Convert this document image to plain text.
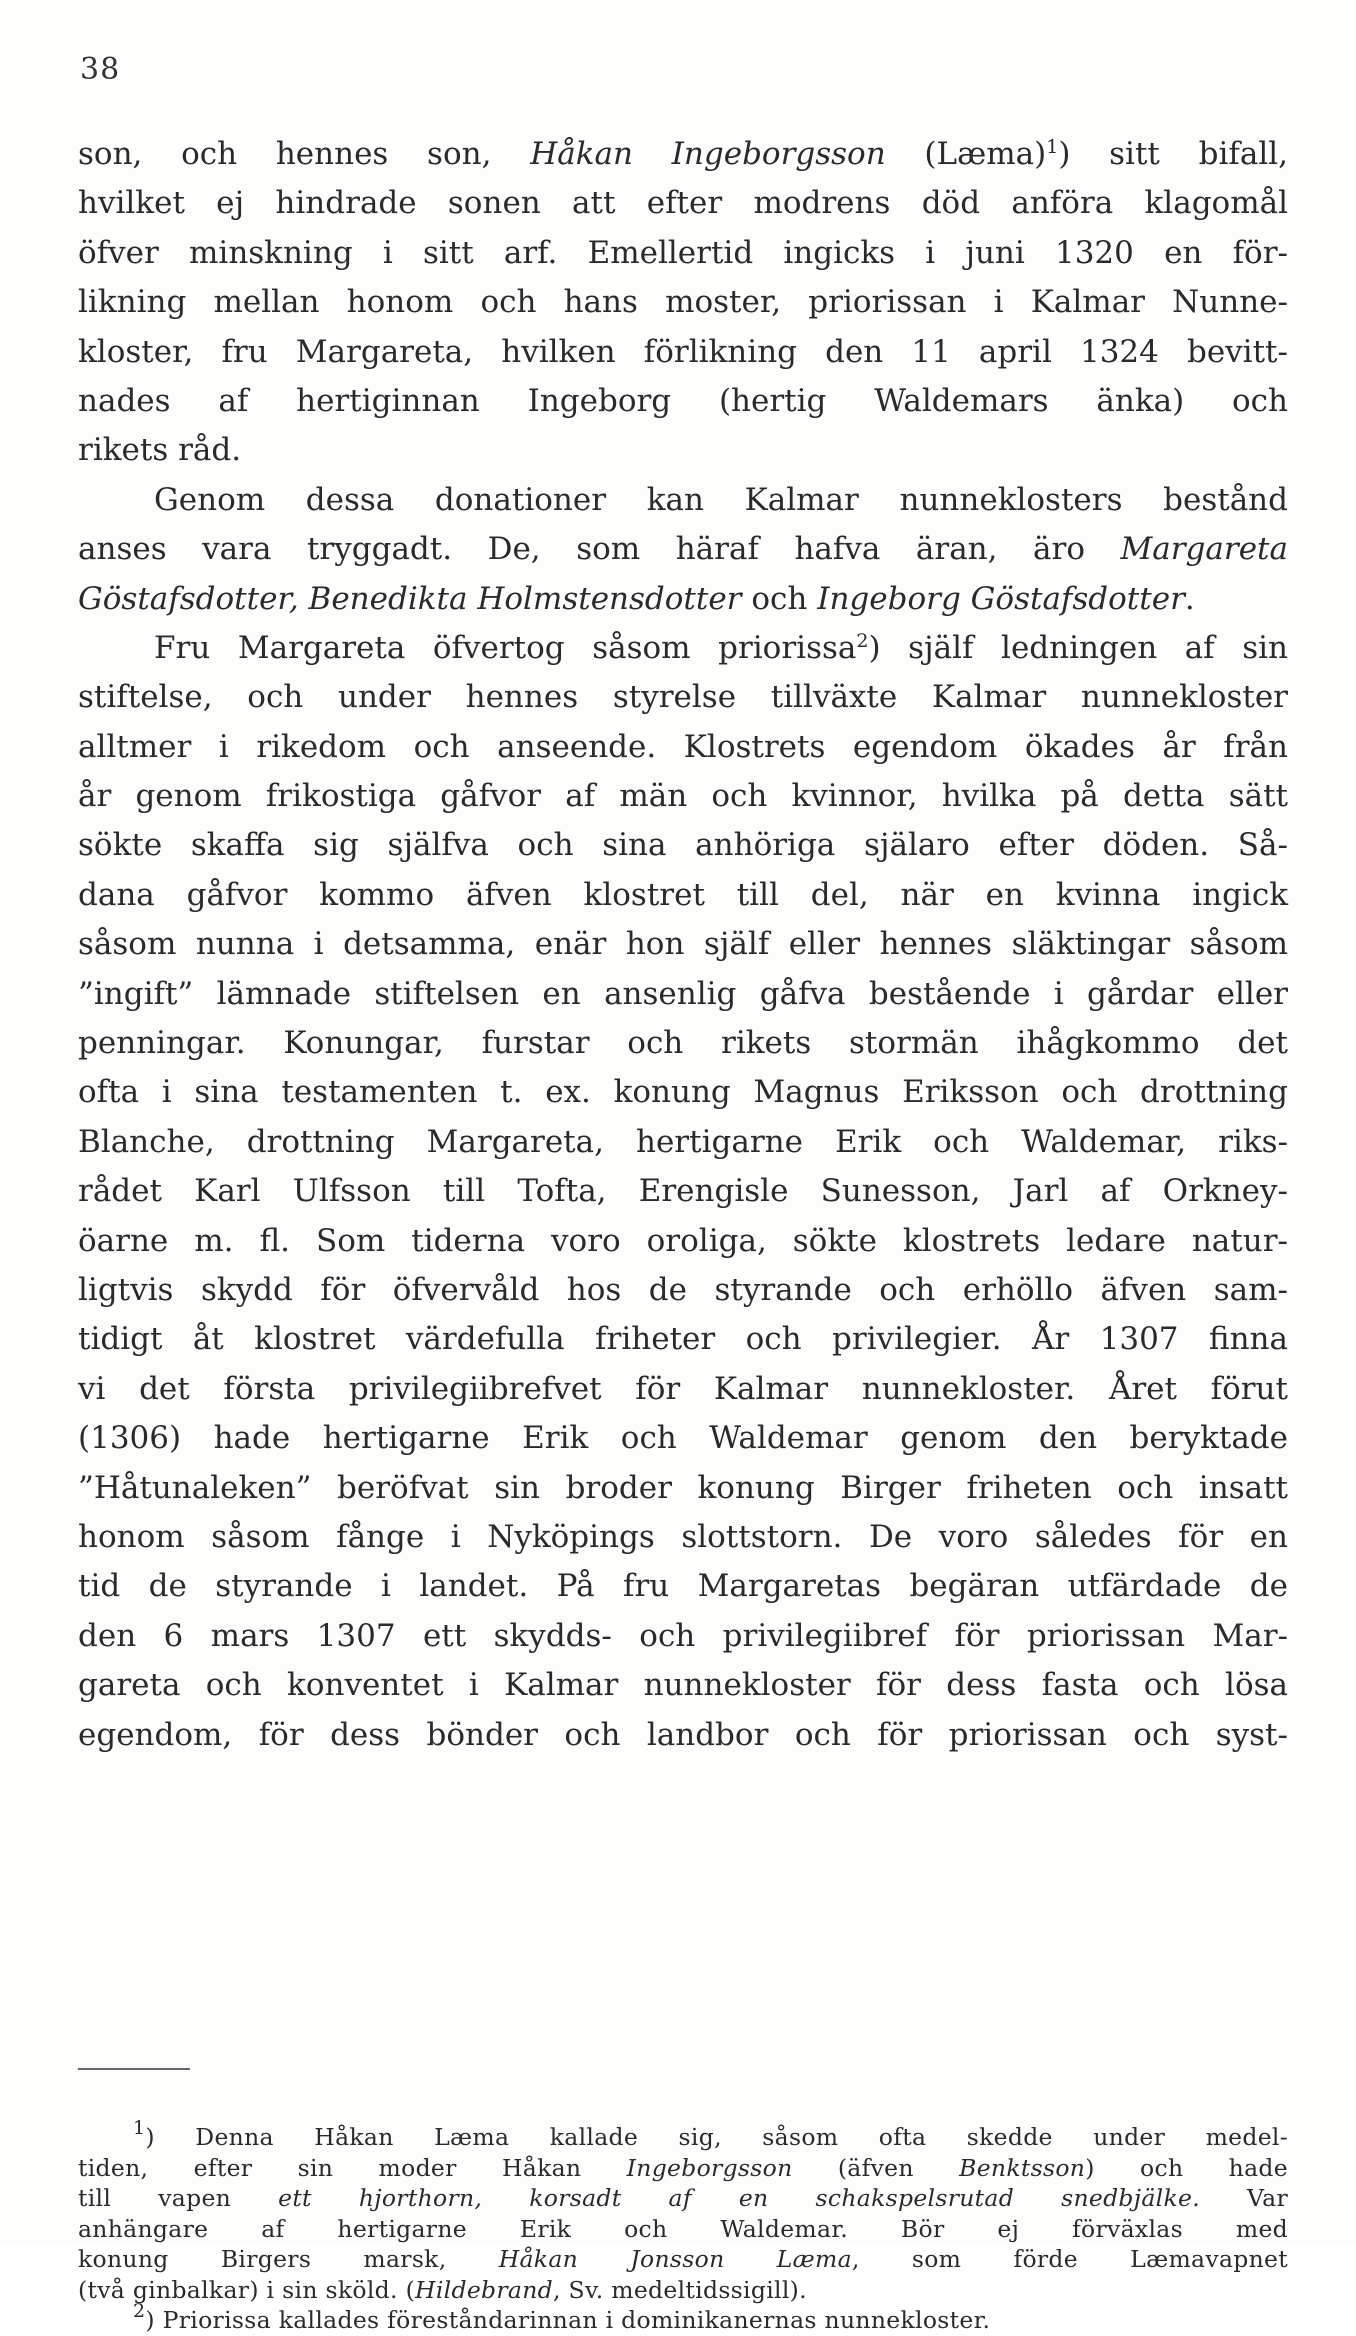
38
son, och hennes son, Håkan Ingeborgsson (Læma)$^1$) sitt bifall,
hvilket ej hindrade sonen att efter modrens död anföra klagomål
öfver minskning i sitt arf. Emellertid ingicks i juni 1320 en för-
likning mellan honom och hans moster, priorissan i Kalmar Nunne-
kloster, fru Margareta, hvilken förlikning den 11 april 1324 bevitt-
nades af hertiginnan Ingeborg (hertig Waldemars änka) och
rikets råd.
Genom dessa donationer kan Kalmar nunneklosters bestånd
anses vara tryggadt. De, som häraf hafva äran, äro Margareta
Göstafsdotter, Benedikta Holmstensdotter och Ingeborg Göstafsdotter.
Fru Margareta öfvertog såsom priorissa$^2$) själf ledningen af sin
stiftelse, och under hennes styrelse tillväxte Kalmar nunnekloster
alltmer i rikedom och anseende. Klostrets egendom ökades år från
år genom frikostiga gåfvor af män och kvinnor, hvilka på detta sätt
sökte skaffa sig själfva och sina anhöriga själaro efter döden. Så-
dana gåfvor kommo äfven klostret till del, när en kvinna ingick
såsom nunna i detsamma, enär hon själf eller hennes släktingar såsom
”ingift” lämnade stiftelsen en ansenlig gåfva bestående i gårdar eller
penningar. Konungar, furstar och rikets stormän ihågkommo det
ofta i sina testamenten t. ex. konung Magnus Eriksson och drottning
Blanche, drottning Margareta, hertigarne Erik och Waldemar, riks-
rådet Karl Ulfsson till Tofta, Erengisle Sunesson, Jarl af Orkney-
öarne m. fl. Som tiderna voro oroliga, sökte klostrets ledare natur-
ligtvis skydd för öfvervåld hos de styrande och erhöllo äfven sam-
tidigt åt klostret värdefulla friheter och privilegier. År 1307 finna
vi det första privilegiibrefvet för Kalmar nunnekloster. Året förut
(1306) hade hertigarne Erik och Waldemar genom den beryktade
”Håtunaleken” beröfvat sin broder konung Birger friheten och insatt
honom såsom fånge i Nyköpings slottstorn. De voro således för en
tid de styrande i landet. På fru Margaretas begäran utfärdade de
den 6 mars 1307 ett skydds- och privilegiibref för priorissan Mar-
gareta och konventet i Kalmar nunnekloster för dess fasta och lösa
egendom, för dess bönder och landbor och för priorissan och syst-
$^1$) Denna Håkan Læma kallade sig, såsom ofta skedde under medel-
tiden, efter sin moder Håkan Ingeborgsson (äfven Benktsson) och hade
till vapen ett hjorthorn, korsadt af en schakspelsrutad snedbjälke. Var
anhängare af hertigarne Erik och Waldemar. Bör ej förväxlas med
konung Birgers marsk, Håkan Jonsson Læma, som förde Læmavapnet
(två ginbalkar) i sin sköld. (Hildebrand, Sv. medeltidssigill).
$^2$) Priorissa kallades föreståndarinnan i dominikanernas nunnekloster.
